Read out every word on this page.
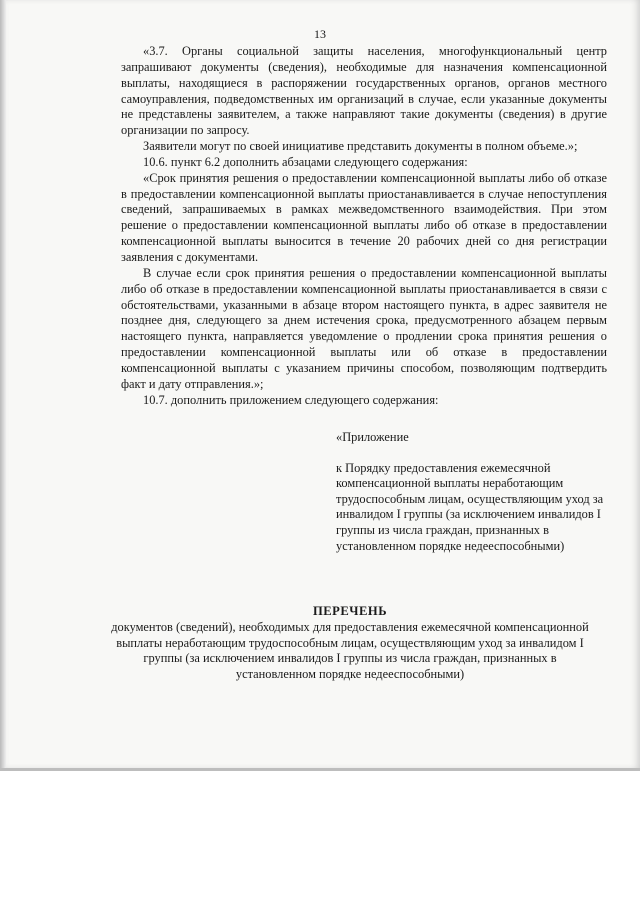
13

«3.7. Органы социальной защиты населения, многофункциональный центр запрашивают документы (сведения), необходимые для назначения компенсационной выплаты, находящиеся в распоряжении государственных органов, органов местного самоуправления, подведомственных им организаций в случае, если указанные документы не представлены заявителем, а также направляют такие документы (сведения) в другие организации по запросу.

Заявители могут по своей инициативе представить документы в полном объеме.»;

10.6. пункт 6.2 дополнить абзацами следующего содержания:

«Срок принятия решения о предоставлении компенсационной выплаты либо об отказе в предоставлении компенсационной выплаты приостанавливается в случае непоступления сведений, запрашиваемых в рамках межведомственного взаимодействия. При этом решение о предоставлении компенсационной выплаты либо об отказе в предоставлении компенсационной выплаты выносится в течение 20 рабочих дней со дня регистрации заявления с документами.

В случае если срок принятия решения о предоставлении компенсационной выплаты либо об отказе в предоставлении компенсационной выплаты приостанавливается в связи с обстоятельствами, указанными в абзаце втором настоящего пункта, в адрес заявителя не позднее дня, следующего за днем истечения срока, предусмотренного абзацем первым настоящего пункта, направляется уведомление о продлении срока принятия решения о предоставлении компенсационной выплаты или об отказе в предоставлении компенсационной выплаты с указанием причины способом, позволяющим подтвердить факт и дату отправления.»;

10.7. дополнить приложением следующего содержания:

«Приложение

к Порядку предоставления ежемесячной компенсационной выплаты неработающим трудоспособным лицам, осуществляющим уход за инвалидом I группы (за исключением инвалидов I группы из числа граждан, признанных в установленном порядке недееспособными)

ПЕРЕЧЕНЬ

документов (сведений), необходимых для предоставления ежемесячной компенсационной выплаты неработающим трудоспособным лицам, осуществляющим уход за инвалидом I группы (за исключением инвалидов I группы из числа граждан, признанных в установленном порядке недееспособными)
